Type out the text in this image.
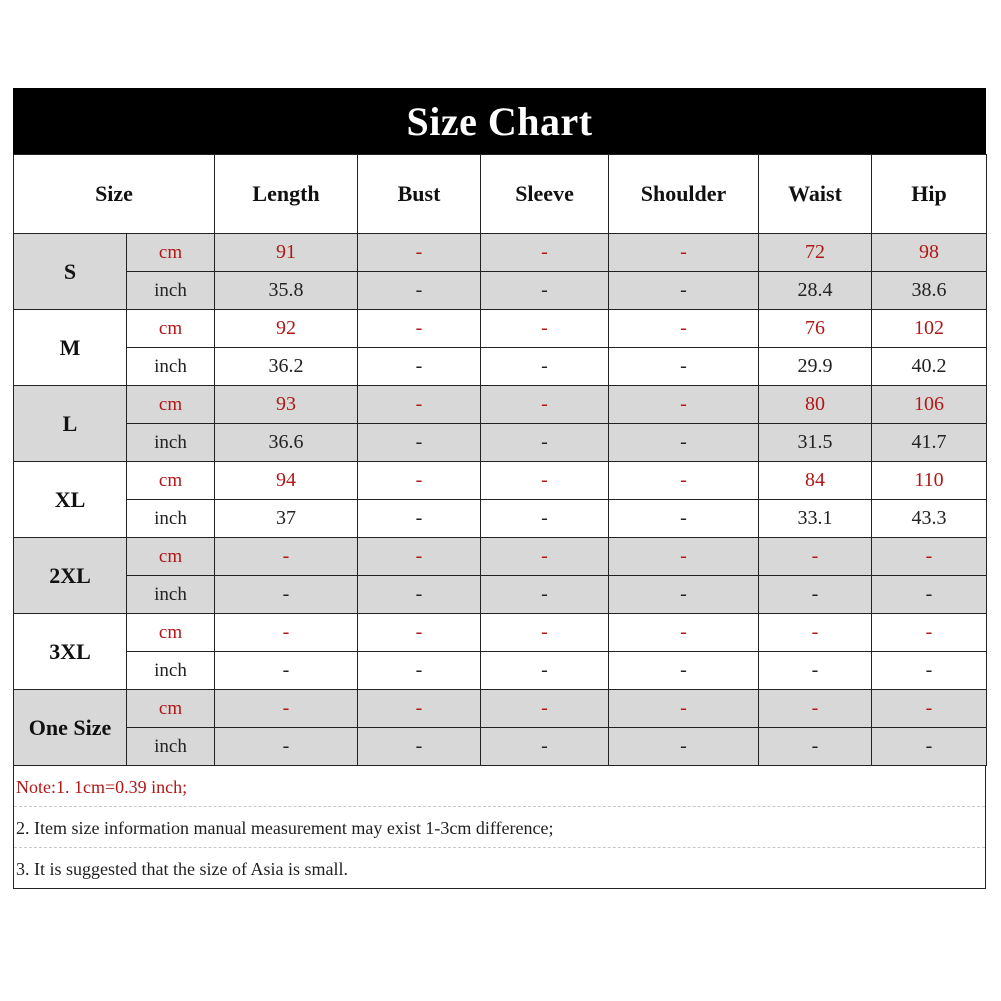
Size Chart
Size		Length	Bust	Sleeve	Shoulder	Waist	Hip
S	cm	91	-	-	-	72	98
	inch	35.8	-	-	-	28.4	38.6
M	cm	92	-	-	-	76	102
	inch	36.2	-	-	-	29.9	40.2
L	cm	93	-	-	-	80	106
	inch	36.6	-	-	-	31.5	41.7
XL	cm	94	-	-	-	84	110
	inch	37	-	-	-	33.1	43.3
2XL	cm	-	-	-	-	-	-
	inch	-	-	-	-	-	-
3XL	cm	-	-	-	-	-	-
	inch	-	-	-	-	-	-
One Size	cm	-	-	-	-	-	-
	inch	-	-	-	-	-	-
Note:1. 1cm=0.39 inch;
2. Item size information manual measurement may exist 1-3cm difference;
3. It is suggested that the size of Asia is small.
